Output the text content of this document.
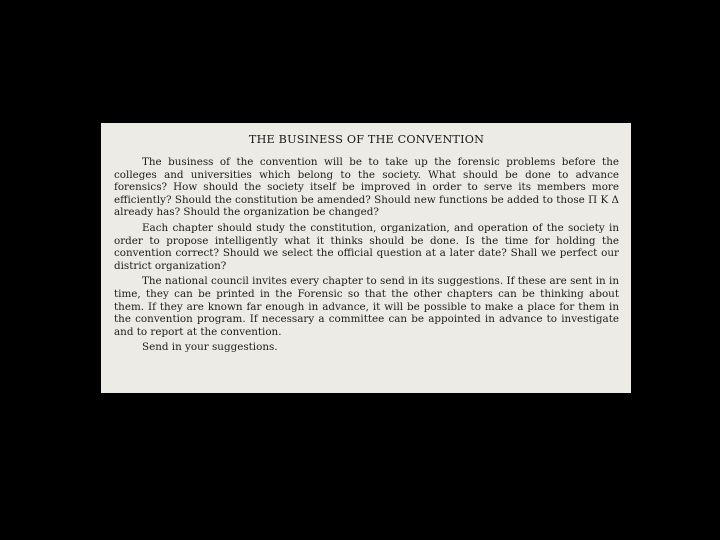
THE BUSINESS OF THE CONVENTION

The business of the convention will be to take up the forensic problems before the colleges and universities which belong to the society. What should be done to advance forensics? How should the society itself be improved in order to serve its members more efficiently? Should the constitution be amended? Should new functions be added to those Π K Δ already has? Should the organization be changed?

Each chapter should study the constitution, organization, and operation of the society in order to propose intelligently what it thinks should be done. Is the time for holding the convention correct? Should we select the official question at a later date? Shall we perfect our district organization?

The national council invites every chapter to send in its suggestions. If these are sent in in time, they can be printed in the Forensic so that the other chapters can be thinking about them. If they are known far enough in advance, it will be possible to make a place for them in the convention program. If necessary a committee can be appointed in advance to investigate and to report at the convention.

Send in your suggestions.
